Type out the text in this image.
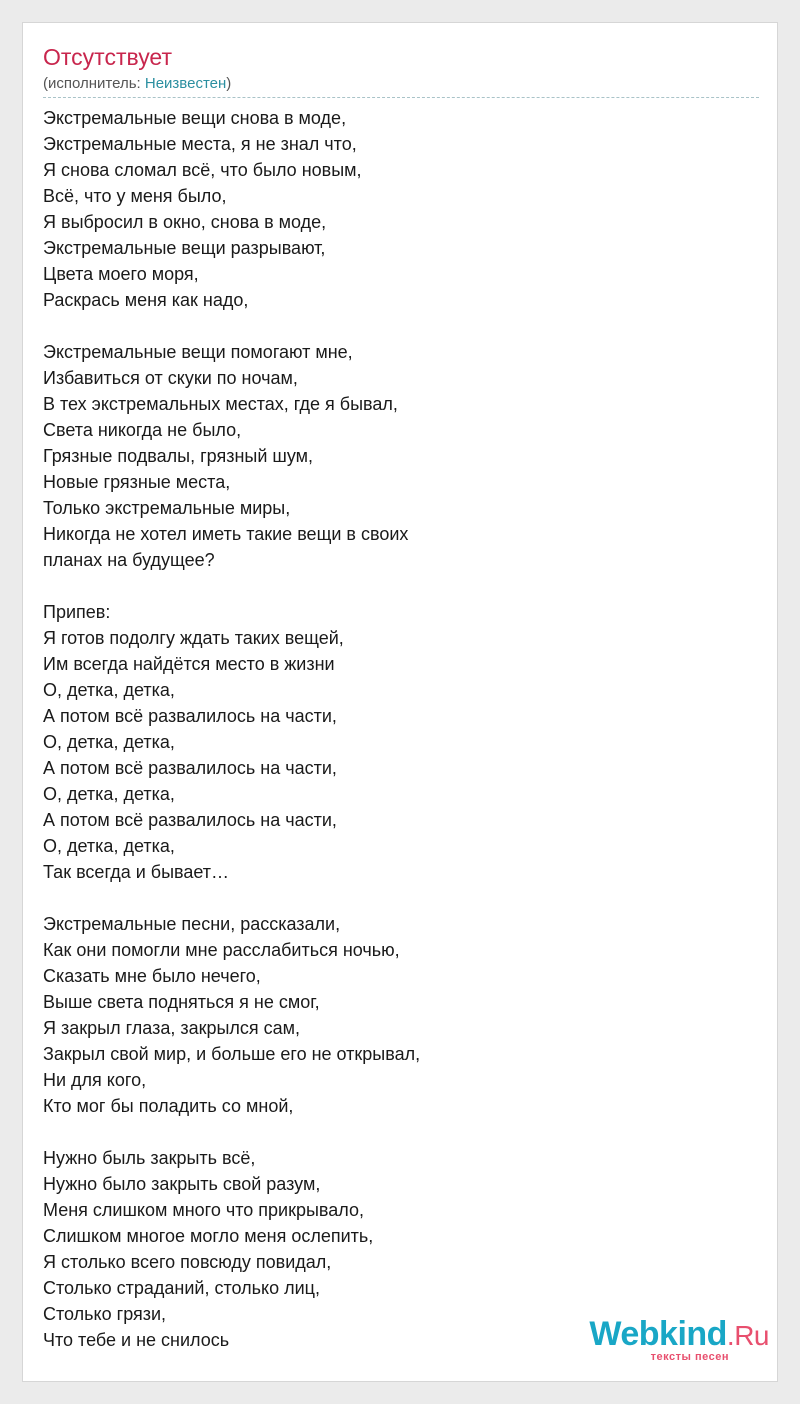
Отсутствует
(исполнитель: Неизвестен)
Экстремальные вещи снова в моде,
Экстремальные места, я не знал что,
Я снова сломал всё, что было новым,
Всё, что у меня было,
Я выбросил в окно, снова в моде,
Экстремальные вещи разрывают,
Цвета моего моря,
Раскрась меня как надо,
Экстремальные вещи помогают мне,
Избавиться от скуки по ночам,
В тех экстремальных местах, где я бывал,
Света никогда не было,
Грязные подвалы, грязный шум,
Новые грязные места,
Только экстремальные миры,
Никогда не хотел иметь такие вещи в своих
планах на будущее?
Припев:
Я готов подолгу ждать таких вещей,
Им всегда найдётся место в жизни
О, детка, детка,
А потом всё развалилось на части,
О, детка, детка,
А потом всё развалилось на части,
О, детка, детка,
А потом всё развалилось на части,
О, детка, детка,
Так всегда и бывает…
Экстремальные песни, рассказали,
Как они помогли мне расслабиться ночью,
Сказать мне было нечего,
Выше света подняться я не смог,
Я закрыл глаза, закрылся сам,
Закрыл свой мир, и больше его не открывал,
Ни для кого,
Кто мог бы поладить со мной,
Нужно быль закрыть всё,
Нужно было закрыть свой разум,
Меня слишком много что прикрывало,
Слишком многое могло меня ослепить,
Я столько всего повсюду повидал,
Столько страданий, столько лиц,
Столько грязи,
Что тебе и не снилось	Webkind.Ru
тексты песен
